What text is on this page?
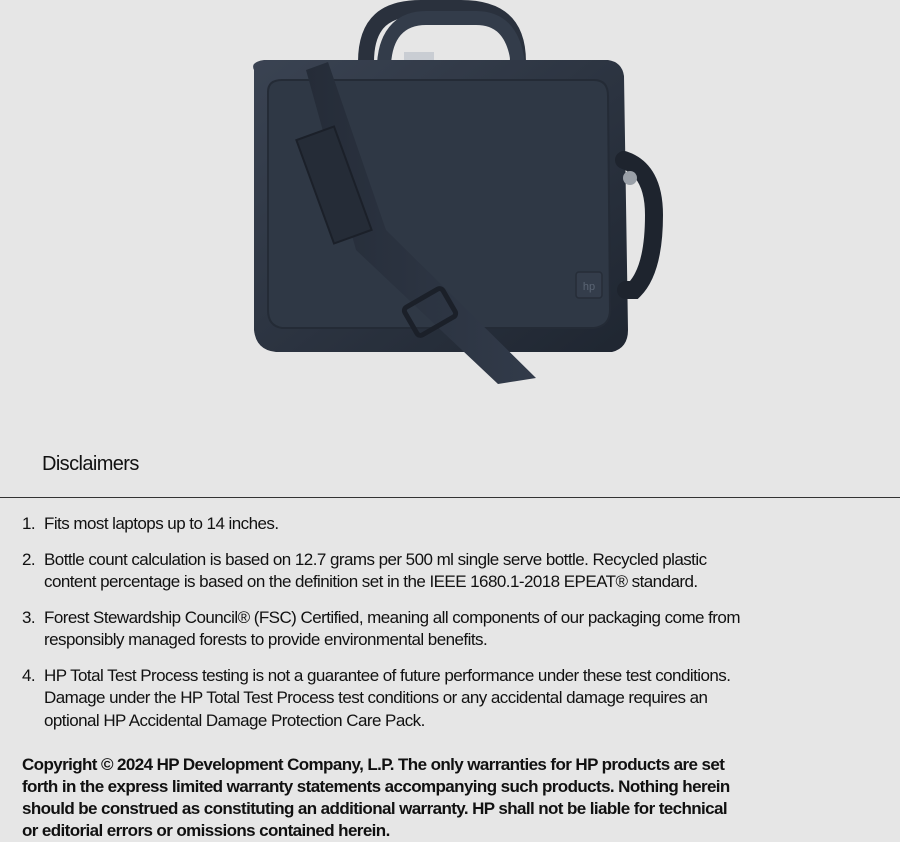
hp
Disclaimers
1. Fits most laptops up to 14 inches.
2. Bottle count calculation is based on 12.7 grams per 500 ml single serve bottle. Recycled plastic
content percentage is based on the definition set in the IEEE 1680.1-2018 EPEAT® standard.
3. Forest Stewardship Council® (FSC) Certified, meaning all components of our packaging come from
responsibly managed forests to provide environmental benefits.
4. HP Total Test Process testing is not a guarantee of future performance under these test conditions.
Damage under the HP Total Test Process test conditions or any accidental damage requires an
optional HP Accidental Damage Protection Care Pack.

Copyright © 2024 HP Development Company, L.P. The only warranties for HP products are set
forth in the express limited warranty statements accompanying such products. Nothing herein
should be construed as constituting an additional warranty. HP shall not be liable for technical
or editorial errors or omissions contained herein.
